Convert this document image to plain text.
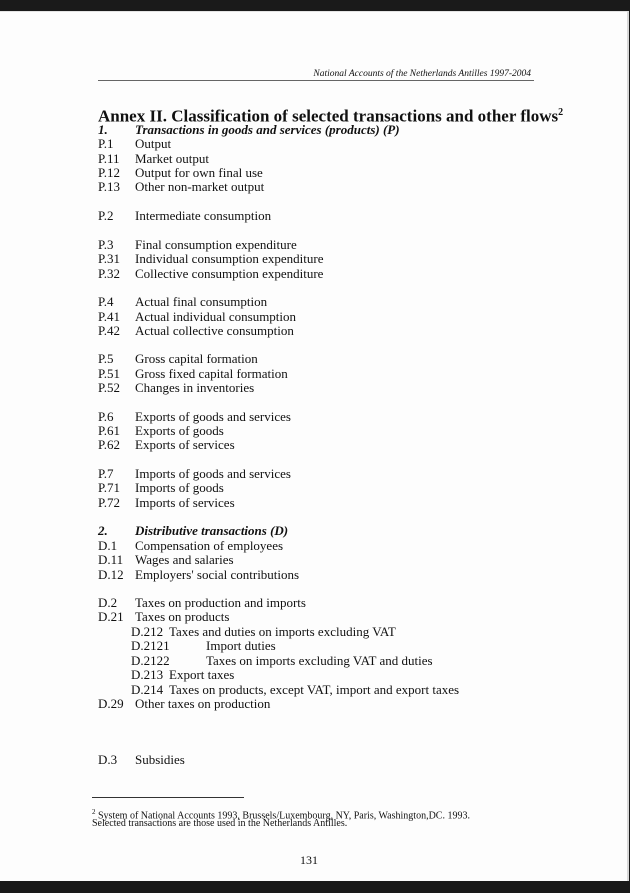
National Accounts of the Netherlands Antilles 1997-2004
Annex II. Classification of selected transactions and other flows$^2$
1. Transactions in goods and services (products) (P)
P.1 Output
P.11 Market output
P.12 Output for own final use
P.13 Other non-market output
P.2 Intermediate consumption
P.3 Final consumption expenditure
P.31 Individual consumption expenditure
P.32 Collective consumption expenditure
P.4 Actual final consumption
P.41 Actual individual consumption
P.42 Actual collective consumption
P.5 Gross capital formation
P.51 Gross fixed capital formation
P.52 Changes in inventories
P.6 Exports of goods and services
P.61 Exports of goods
P.62 Exports of services
P.7 Imports of goods and services
P.71 Imports of goods
P.72 Imports of services
2. Distributive transactions (D)
D.1 Compensation of employees
D.11 Wages and salaries
D.12 Employers' social contributions
D.2 Taxes on production and imports
D.21 Taxes on products
D.212 Taxes and duties on imports excluding VAT
D.2121	Import duties
D.2122	Taxes on imports excluding VAT and duties
D.213 Export taxes
D.214 Taxes on products, except VAT, import and export taxes
D.29 Other taxes on production
D.3 Subsidies
$^2$ System of National Accounts 1993, Brussels/Luxembourg, NY, Paris, Washington,DC. 1993.
Selected transactions are those used in the Netherlands Antilles.
131
